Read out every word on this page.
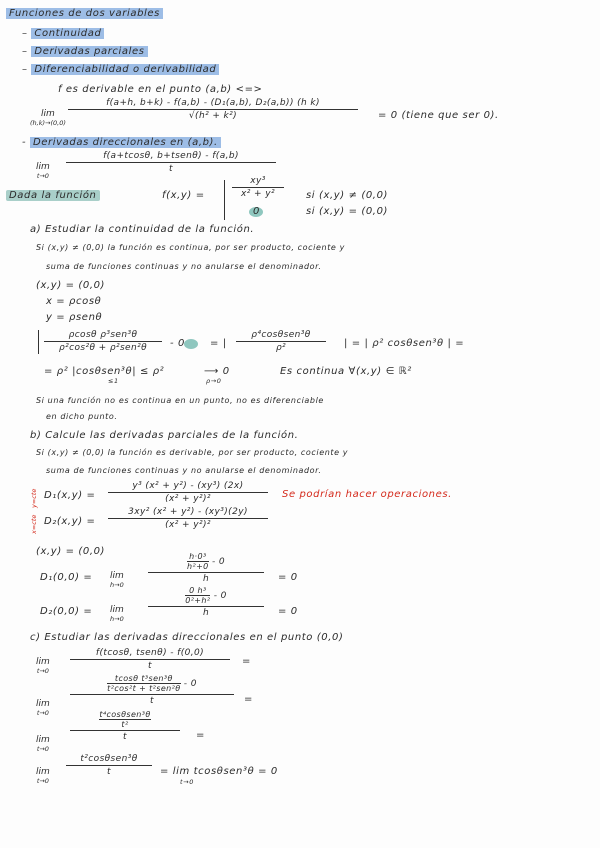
Funciones de dos variables
– Continuidad
– Derivadas parciales
– Diferenciabilidad o derivabilidad
f es derivable en el punto (a,b) <=>
lim
(h,k)→(0,0)
$\frac{\text{f(a+h, b+k) - f(a,b) - (D₁(a,b), D₂(a,b)) (h k)}}{\text{√(h² + k²)}} = 0$ (tiene que ser 0).
- Derivadas direccionales en (a,b).
lim
t→0
f(a+tcosθ, b+tsenθ) - f(a,b)
t
Dada la función	f(x,y) =	$\frac{\text{xy³}}{\text{x² + y²}}$ si (x,y) ≠ (0,0)
0	si (x,y) = (0,0)
a) Estudiar la continuidad de la función.
Si (x,y) ≠ (0,0) la función es continua, por ser producto, cociente y
suma de funciones continuas y no anularse el denominador.
(x,y) = (0,0)
x = ρcosθ
y = ρsenθ
ρcosθ ρ³sen³θ
ρ²cos²θ + ρ²sen²θ	- 0	= |
ρ⁴cosθsen³θ
ρ²	| = | ρ² cosθsen³θ | =
= ρ² |cosθsen³θ| ≤ ρ²
≤1	ρ→0
⟶ 0	Es continua ∀(x,y) ∈ ℝ²
Si una función no es continua en un punto, no es diferenciable
en dicho punto.
b) Calcule las derivadas parciales de la función.
Si (x,y) ≠ (0,0) la función es derivable, por ser producto, cociente y
suma de funciones continuas y no anularse el denominador.
y=cte
x=cte
$D_1(x,y) = \frac{\text{y³ (x² + y²) - (xy³) (2x)}}{\text{(x² + y²)²}}$ Se podrían hacer operaciones.
$D_2(x,y) = \frac{\text{3xy² (x² + y²) - (xy³)(2y)}}{\text{(x² + y²)²}}$
(x,y) = (0,0)
D₁(0,0) = lim
h→0
$\frac{\frac{\text{h·0³}}{\text{h²+0}} - 0}{h} = 0$
D₂(0,0) = lim
h→0
$\frac{\frac{\text{0 h³}}{\text{0²+h²}} - 0}{h} = 0$
c) Estudiar las derivadas direccionales en el punto (0,0)
lim
t→0
f(tcosθ, tsenθ) - f(0,0)
t	=
lim
t→0
tcosθ t³sen³θ
t²cos²t + t²sen²θ - 0
t	=
lim
t→0
t⁴cosθsen³θ
t²
t	=
lim
t→0
t²cosθsen³θ
t	= lim tcosθsen³θ = 0
t→0
